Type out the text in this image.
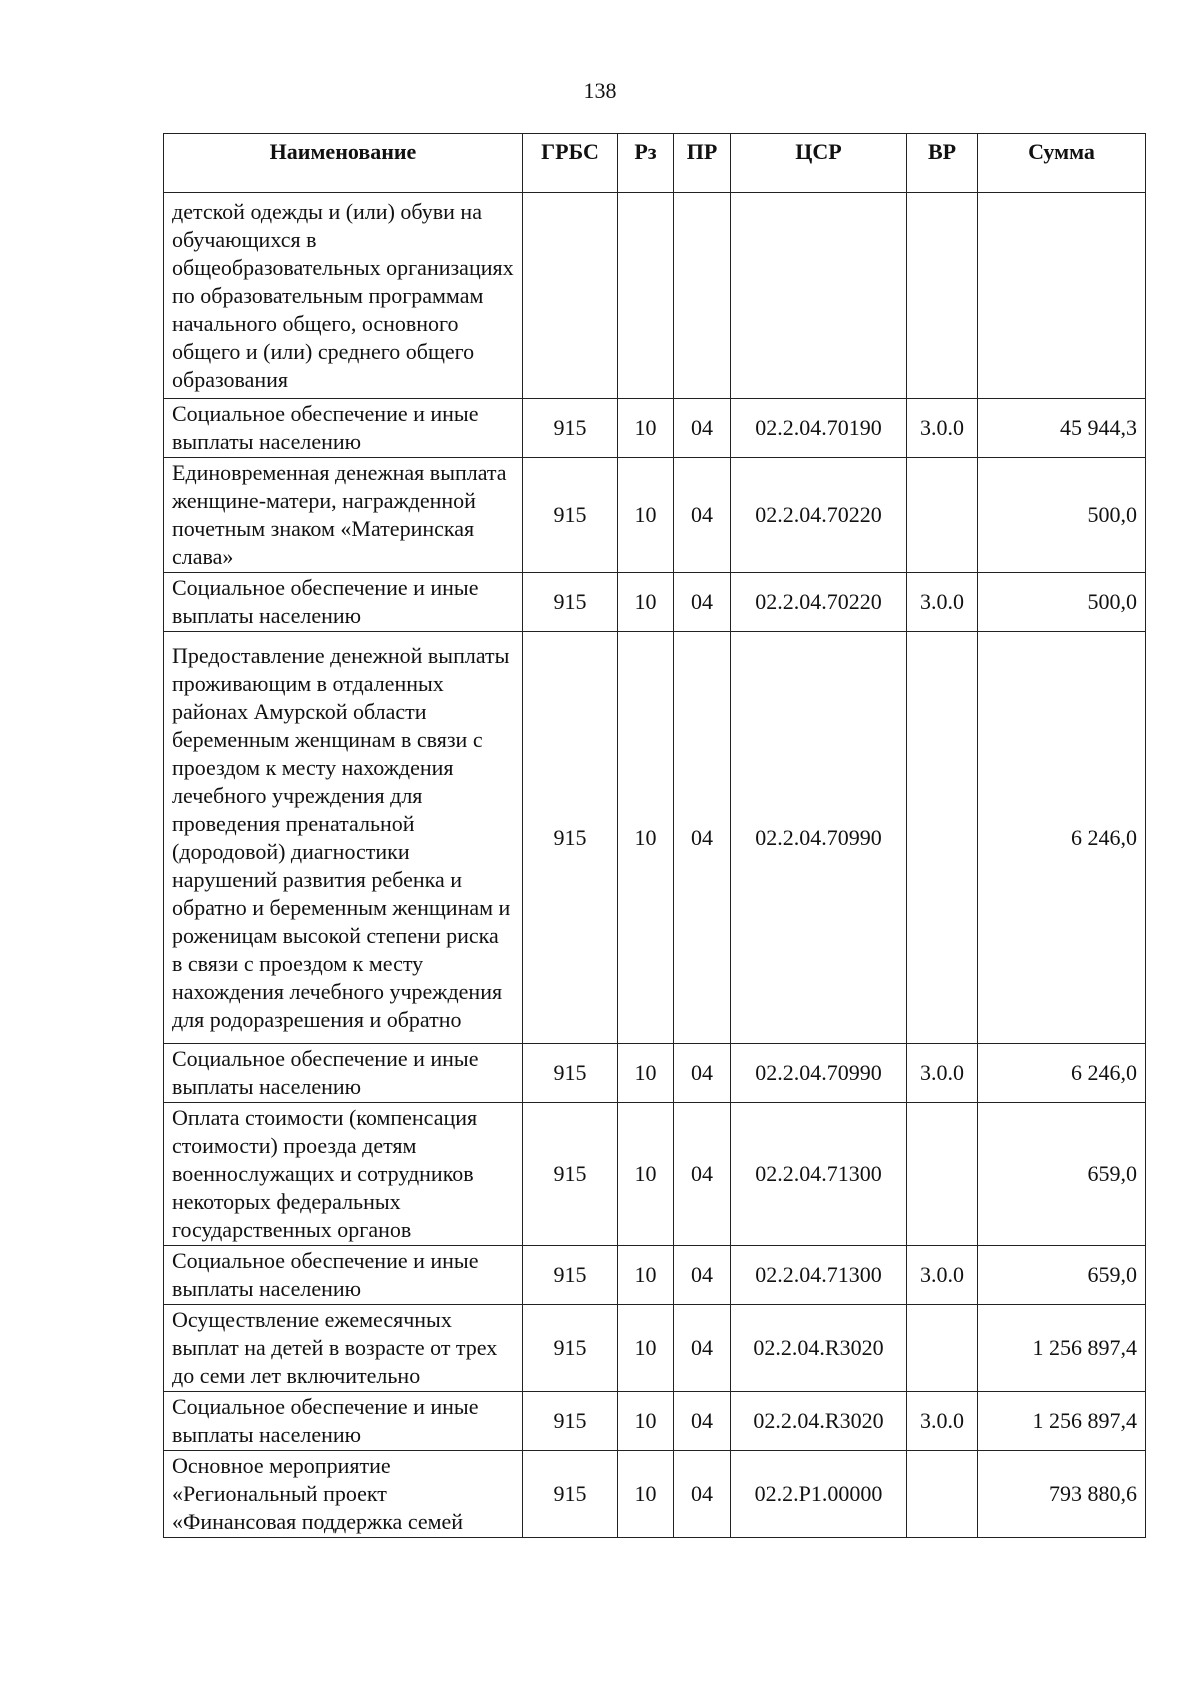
138
Наименование	ГРБС	Рз	ПР	ЦСР	ВР	Сумма
детской одежды и (или) обуви на обучающихся в общеобразовательных организациях по образовательным программам начального общего, основного общего и (или) среднего общего образования						
Социальное обеспечение и иные выплаты населению	915	10	04	02.2.04.70190	3.0.0	45 944,3
Единовременная денежная выплата женщине-матери, награжденной почетным знаком «Материнская слава»	915	10	04	02.2.04.70220		500,0
Социальное обеспечение и иные выплаты населению	915	10	04	02.2.04.70220	3.0.0	500,0
Предоставление денежной выплаты проживающим в отдаленных районах Амурской области беременным женщинам в связи с проездом к месту нахождения лечебного учреждения для проведения пренатальной (дородовой) диагностики нарушений развития ребенка и обратно и беременным женщинам и роженицам высокой степени риска в связи с проездом к месту нахождения лечебного учреждения для родоразрешения и обратно	915	10	04	02.2.04.70990		6 246,0
Социальное обеспечение и иные выплаты населению	915	10	04	02.2.04.70990	3.0.0	6 246,0
Оплата стоимости (компенсация стоимости) проезда детям военнослужащих и сотрудников некоторых федеральных государственных органов	915	10	04	02.2.04.71300		659,0
Социальное обеспечение и иные выплаты населению	915	10	04	02.2.04.71300	3.0.0	659,0
Осуществление ежемесячных выплат на детей в возрасте от трех до семи лет включительно	915	10	04	02.2.04.R3020		1 256 897,4
Социальное обеспечение и иные выплаты населению	915	10	04	02.2.04.R3020	3.0.0	1 256 897,4
Основное мероприятие «Региональный проект «Финансовая поддержка семей	915	10	04	02.2.P1.00000		793 880,6
